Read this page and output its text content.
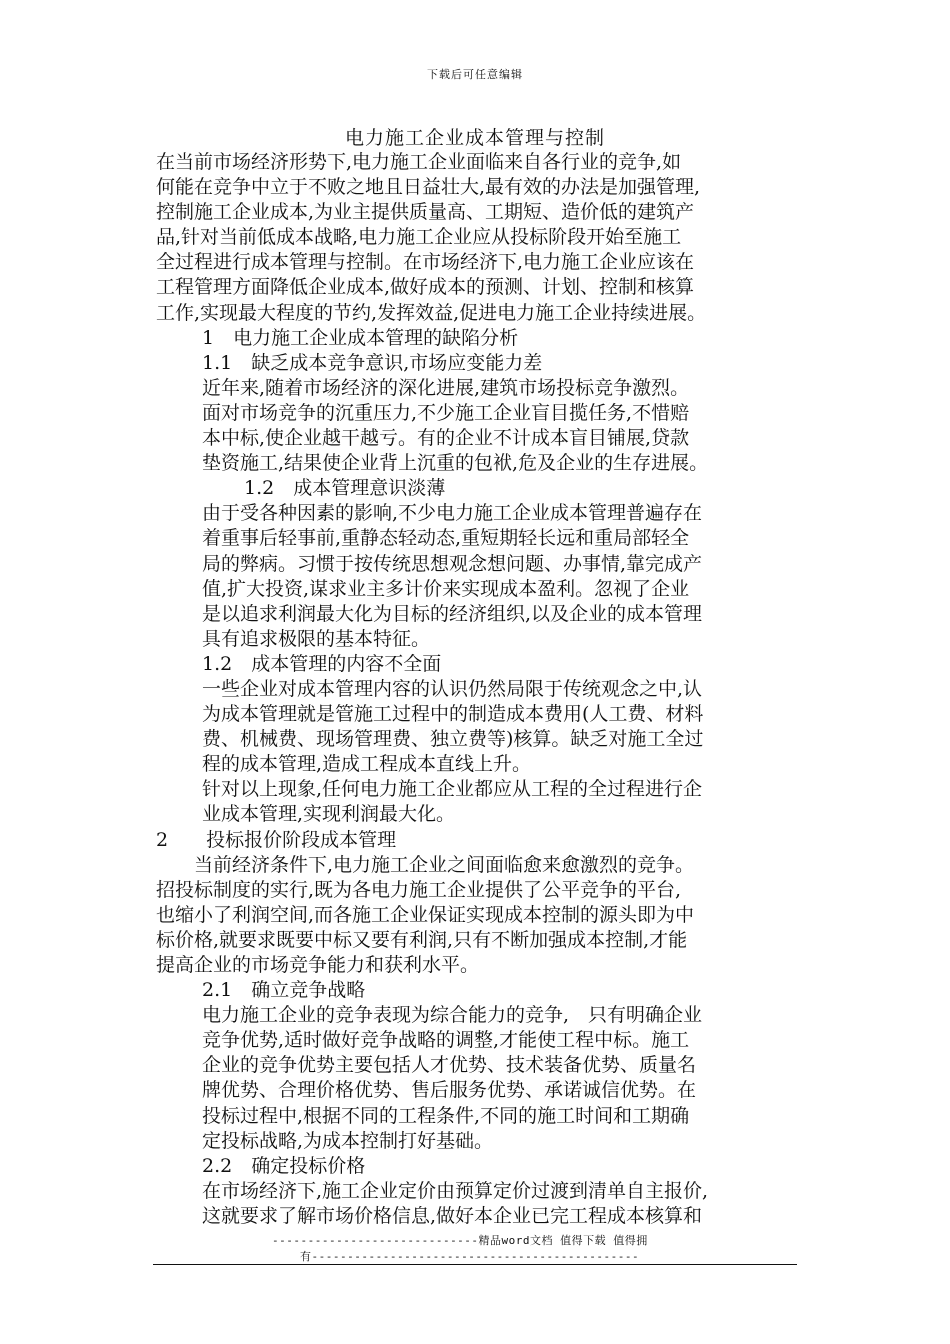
下载后可任意编辑
电力施工企业成本管理与控制
在当前市场经济形势下,电力施工企业面临来自各行业的竞争,如
何能在竞争中立于不败之地且日益壮大,最有效的办法是加强管理,
控制施工企业成本,为业主提供质量高、工期短、造价低的建筑产
品,针对当前低成本战略,电力施工企业应从投标阶段开始至施工
全过程进行成本管理与控制。在市场经济下,电力施工企业应该在
工程管理方面降低企业成本,做好成本的预测、计划、控制和核算
工作,实现最大程度的节约,发挥效益,促进电力施工企业持续进展。
1　电力施工企业成本管理的缺陷分析
1.1　缺乏成本竞争意识,市场应变能力差
近年来,随着市场经济的深化进展,建筑市场投标竞争激烈。
面对市场竞争的沉重压力,不少施工企业盲目揽任务,不惜赔
本中标,使企业越干越亏。有的企业不计成本盲目铺展,贷款
垫资施工,结果使企业背上沉重的包袱,危及企业的生存进展。
1.2　成本管理意识淡薄
由于受各种因素的影响,不少电力施工企业成本管理普遍存在
着重事后轻事前,重静态轻动态,重短期轻长远和重局部轻全
局的弊病。习惯于按传统思想观念想问题、办事情,靠完成产
值,扩大投资,谋求业主多计价来实现成本盈利。忽视了企业
是以追求利润最大化为目标的经济组织,以及企业的成本管理
具有追求极限的基本特征。
1.2　成本管理的内容不全面
一些企业对成本管理内容的认识仍然局限于传统观念之中,认
为成本管理就是管施工过程中的制造成本费用(人工费、材料
费、机械费、现场管理费、独立费等)核算。缺乏对施工全过
程的成本管理,造成工程成本直线上升。
针对以上现象,任何电力施工企业都应从工程的全过程进行企
业成本管理,实现利润最大化。
2　　投标报价阶段成本管理
　　当前经济条件下,电力施工企业之间面临愈来愈激烈的竞争。
招投标制度的实行,既为各电力施工企业提供了公平竞争的平台,
也缩小了利润空间,而各施工企业保证实现成本控制的源头即为中
标价格,就要求既要中标又要有利润,只有不断加强成本控制,才能
提高企业的市场竞争能力和获利水平。
2.1　确立竞争战略
电力施工企业的竞争表现为综合能力的竞争,　只有明确企业
竞争优势,适时做好竞争战略的调整,才能使工程中标。施工
企业的竞争优势主要包括人才优势、技术装备优势、质量名
牌优势、合理价格优势、售后服务优势、承诺诚信优势。在
投标过程中,根据不同的工程条件,不同的施工时间和工期确
定投标战略,为成本控制打好基础。
2.2　确定投标价格
在市场经济下,施工企业定价由预算定价过渡到清单自主报价,
这就要求了解市场价格信息,做好本企业已完工程成本核算和
-----------------------------精品word文档 值得下载 值得拥
有----------------------------------------------
